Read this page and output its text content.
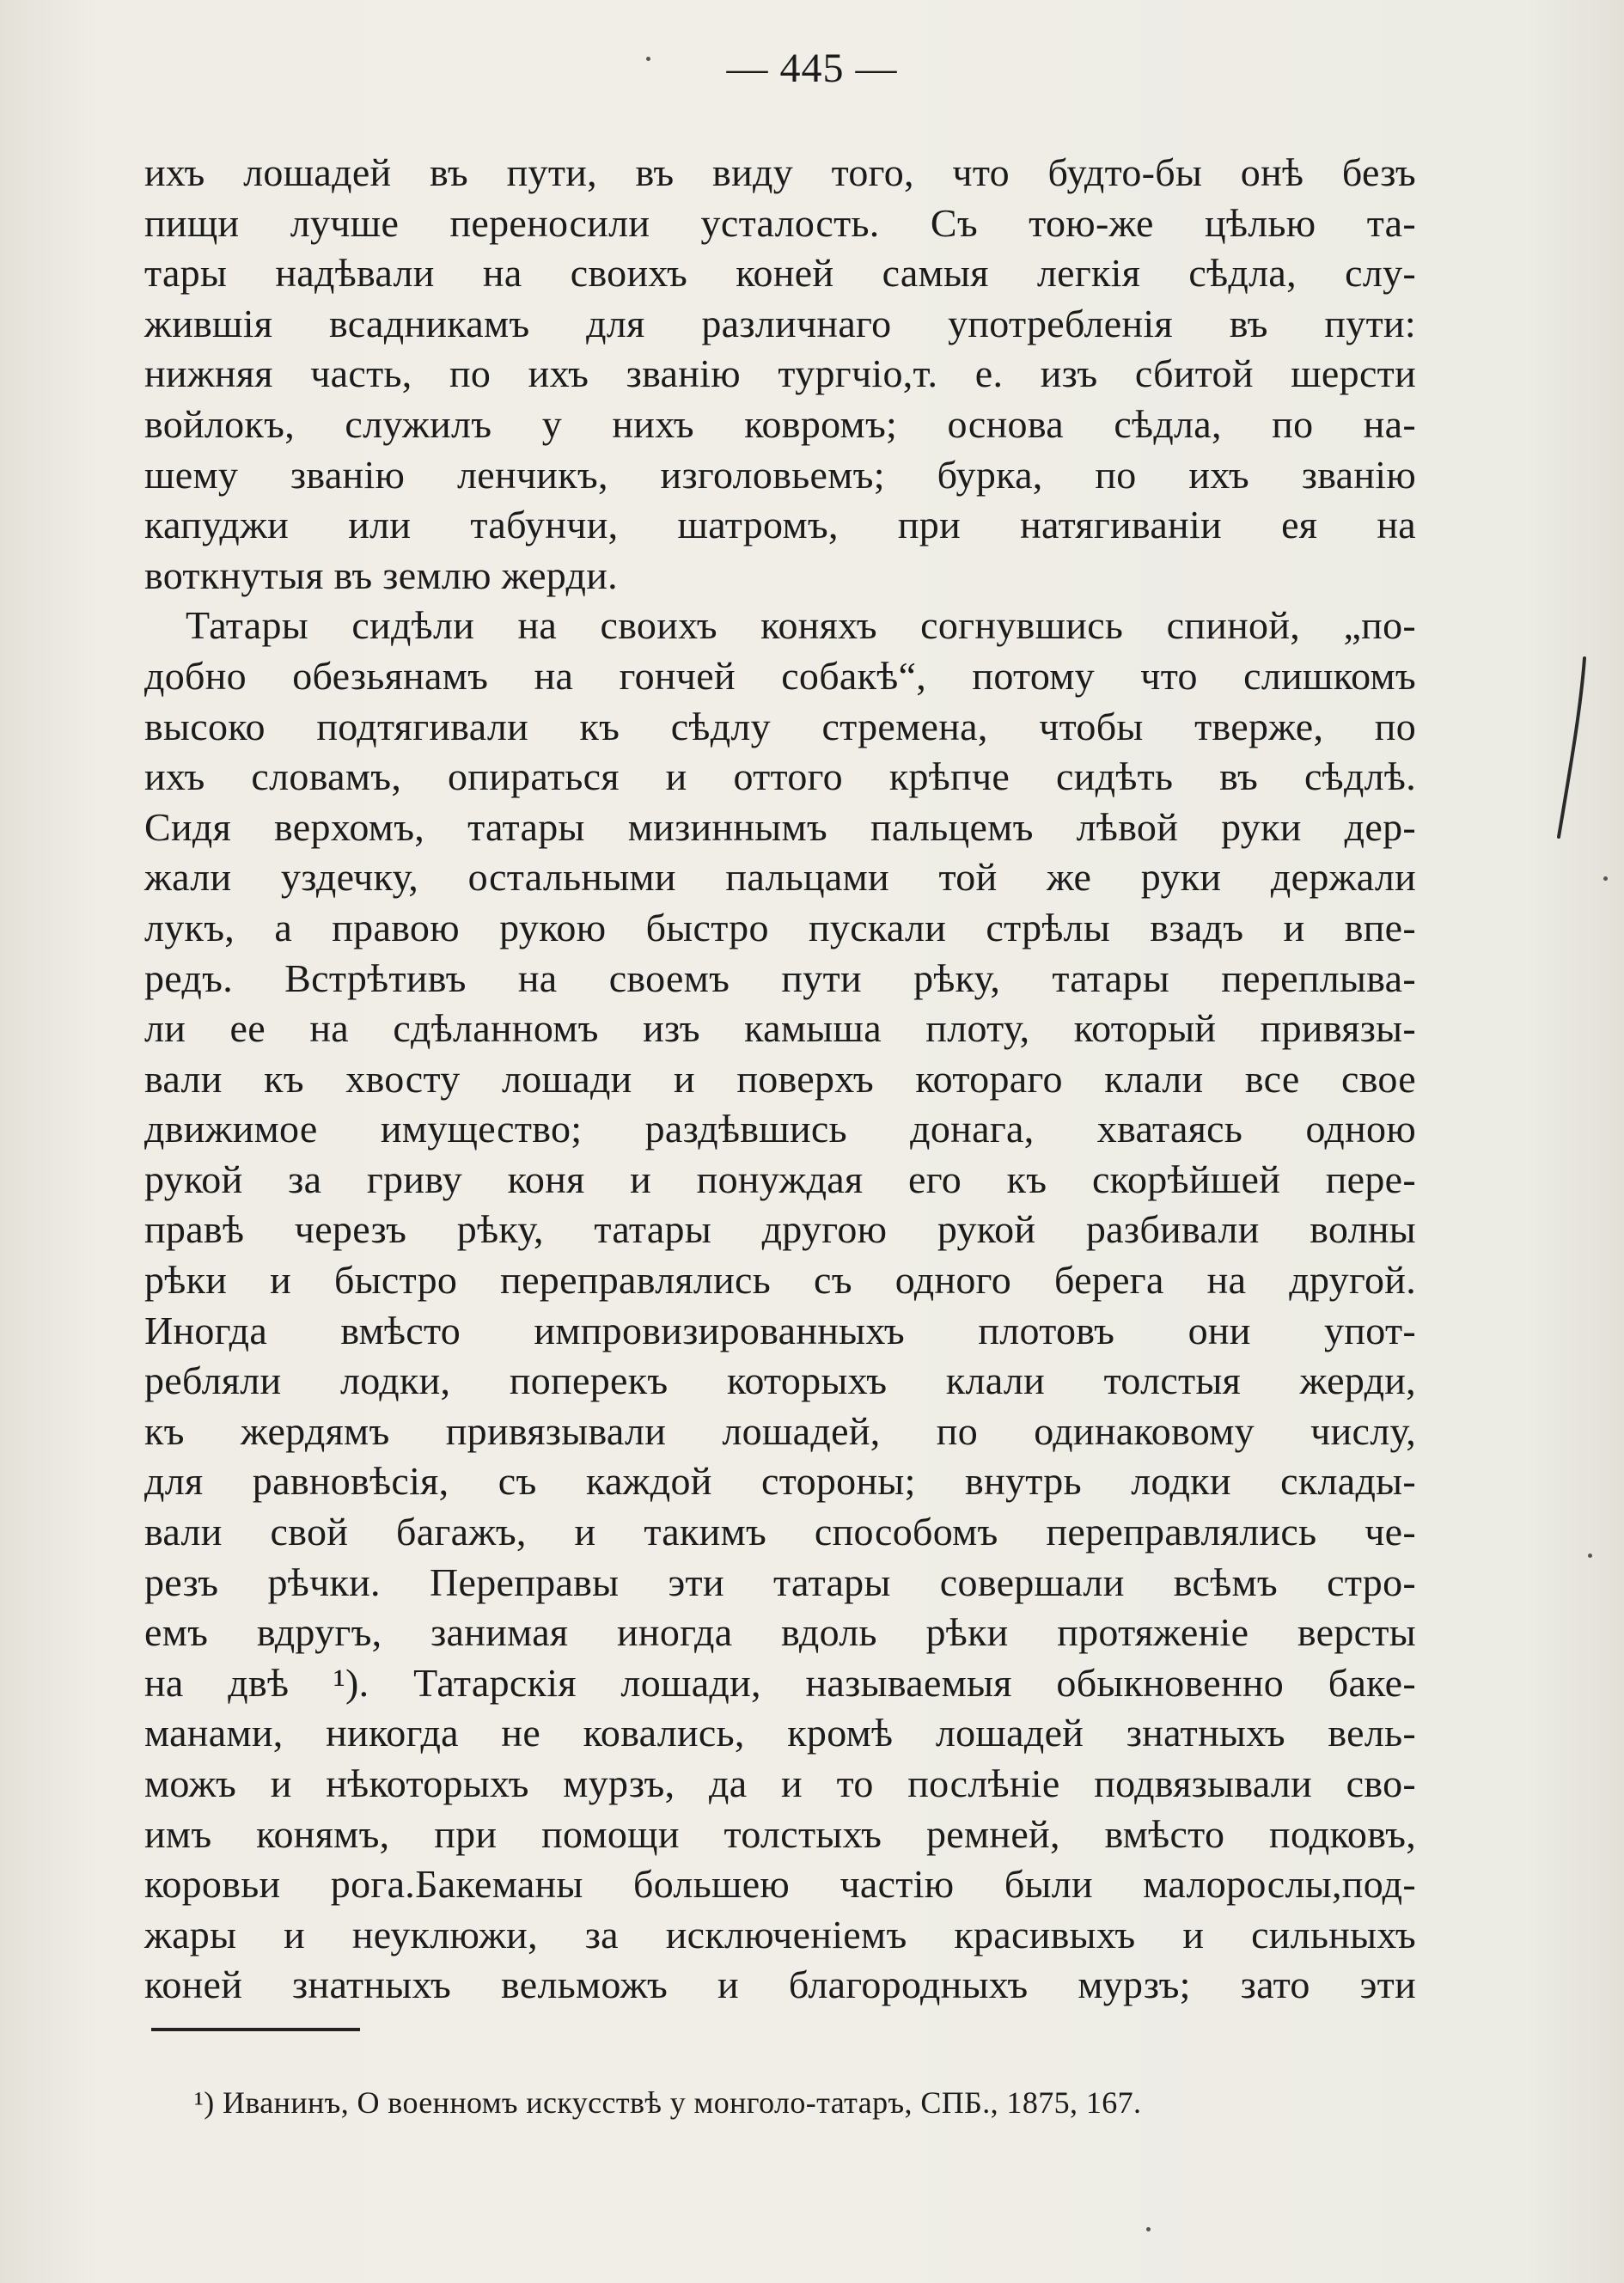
— 445 —
ихъ лошадей въ пути, въ виду того, что будто-бы онѣ безъ
пищи лучше переносили усталость. Съ тою-же цѣлью та-
тары надѣвали на своихъ коней самыя легкія сѣдла, слу-
жившія всадникамъ для различнаго употребленія въ пути:
нижняя часть, по ихъ званію тургчіо,т. е. изъ сбитой шерсти
войлокъ, служилъ у нихъ ковромъ; основа сѣдла, по на-
шему званію ленчикъ, изголовьемъ; бурка, по ихъ званію
капуджи или табунчи, шатромъ, при натягиваніи ея на
воткнутыя въ землю жерди.
Татары сидѣли на своихъ коняхъ согнувшись спиной, „по-
добно обезьянамъ на гончей собакѣ“, потому что слишкомъ
высоко подтягивали къ сѣдлу стремена, чтобы тверже, по
ихъ словамъ, опираться и оттого крѣпче сидѣть въ сѣдлѣ.
Сидя верхомъ, татары мизиннымъ пальцемъ лѣвой руки дер-
жали уздечку, остальными пальцами той же руки держали
лукъ, а правою рукою быстро пускали стрѣлы взадъ и впе-
редъ. Встрѣтивъ на своемъ пути рѣку, татары переплыва-
ли ее на сдѣланномъ изъ камыша плоту, который привязы-
вали къ хвосту лошади и поверхъ котораго клали все свое
движимое имущество; раздѣвшись донага, хватаясь одною
рукой за гриву коня и понуждая его къ скорѣйшей пере-
правѣ черезъ рѣку, татары другою рукой разбивали волны
рѣки и быстро переправлялись съ одного берега на другой.
Иногда вмѣсто импровизированныхъ плотовъ они упот-
ребляли лодки, поперекъ которыхъ клали толстыя жерди,
къ жердямъ привязывали лошадей, по одинаковому числу,
для равновѣсія, съ каждой стороны; внутрь лодки склады-
вали свой багажъ, и такимъ способомъ переправлялись че-
резъ рѣчки. Переправы эти татары совершали всѣмъ стро-
емъ вдругъ, занимая иногда вдоль рѣки протяженіе версты
на двѣ ¹). Татарскія лошади, называемыя обыкновенно баке-
манами, никогда не ковались, кромѣ лошадей знатныхъ вель-
можъ и нѣкоторыхъ мурзъ, да и то послѣніе подвязывали сво-
имъ конямъ, при помощи толстыхъ ремней, вмѣсто подковъ,
коровьи рога.Бакеманы большею частію были малорослы,под-
жары и неуклюжи, за исключеніемъ красивыхъ и сильныхъ
коней знатныхъ вельможъ и благородныхъ мурзъ; зато эти
¹) Иванинъ, О военномъ искусствѣ у монголо-татаръ, СПБ., 1875, 167.
